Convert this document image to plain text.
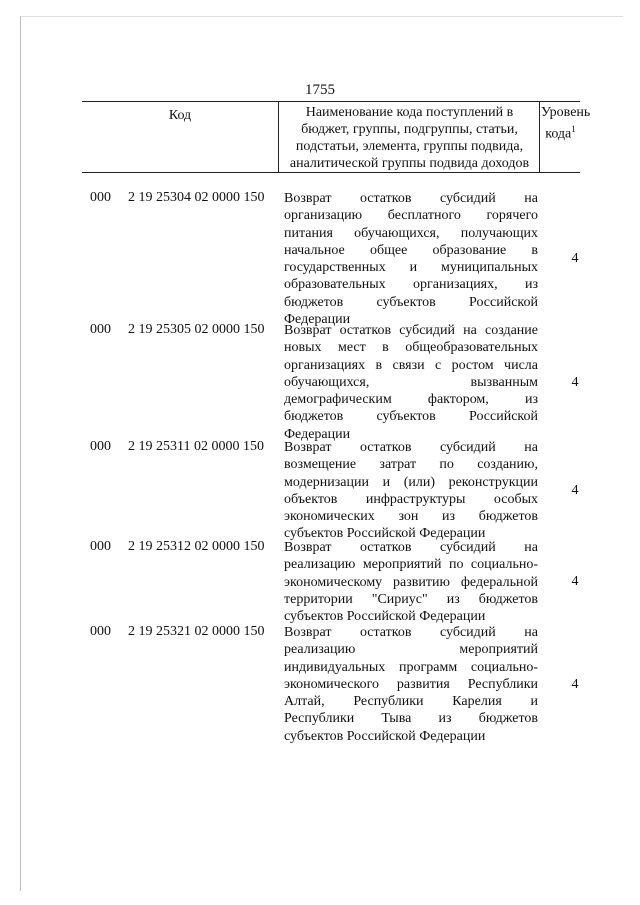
1755
Код	Наименование кода поступлений в
бюджет, группы, подгруппы, статьи,
подстатьи, элемента, группы подвида,
аналитической группы подвида доходов
Уровень
кода$^1$
000	2 19 25304 02 0000 150	Возврат остатков субсидий на
организацию бесплатного горячего
питания обучающихся, получающих
начальное общее образование в
государственных и муниципальных
образовательных организациях, из
бюджетов субъектов Российской
Федерации
4
000	2 19 25305 02 0000 150	Возврат остатков субсидий на создание
новых мест в общеобразовательных
организациях в связи с ростом числа
обучающихся, вызванным
демографическим фактором, из
бюджетов субъектов Российской
Федерации
4
000	2 19 25311 02 0000 150	Возврат остатков субсидий на
возмещение затрат по созданию,
модернизации и (или) реконструкции
объектов инфраструктуры особых
экономических зон из бюджетов
субъектов Российской Федерации
4
000	2 19 25312 02 0000 150	Возврат остатков субсидий на
реализацию мероприятий по социально-
экономическому развитию федеральной
территории "Сириус" из бюджетов
субъектов Российской Федерации
4
000	2 19 25321 02 0000 150	Возврат остатков субсидий на
реализацию мероприятий
индивидуальных программ социально-
экономического развития Республики
Алтай, Республики Карелия и
Республики Тыва из бюджетов
субъектов Российской Федерации
4
